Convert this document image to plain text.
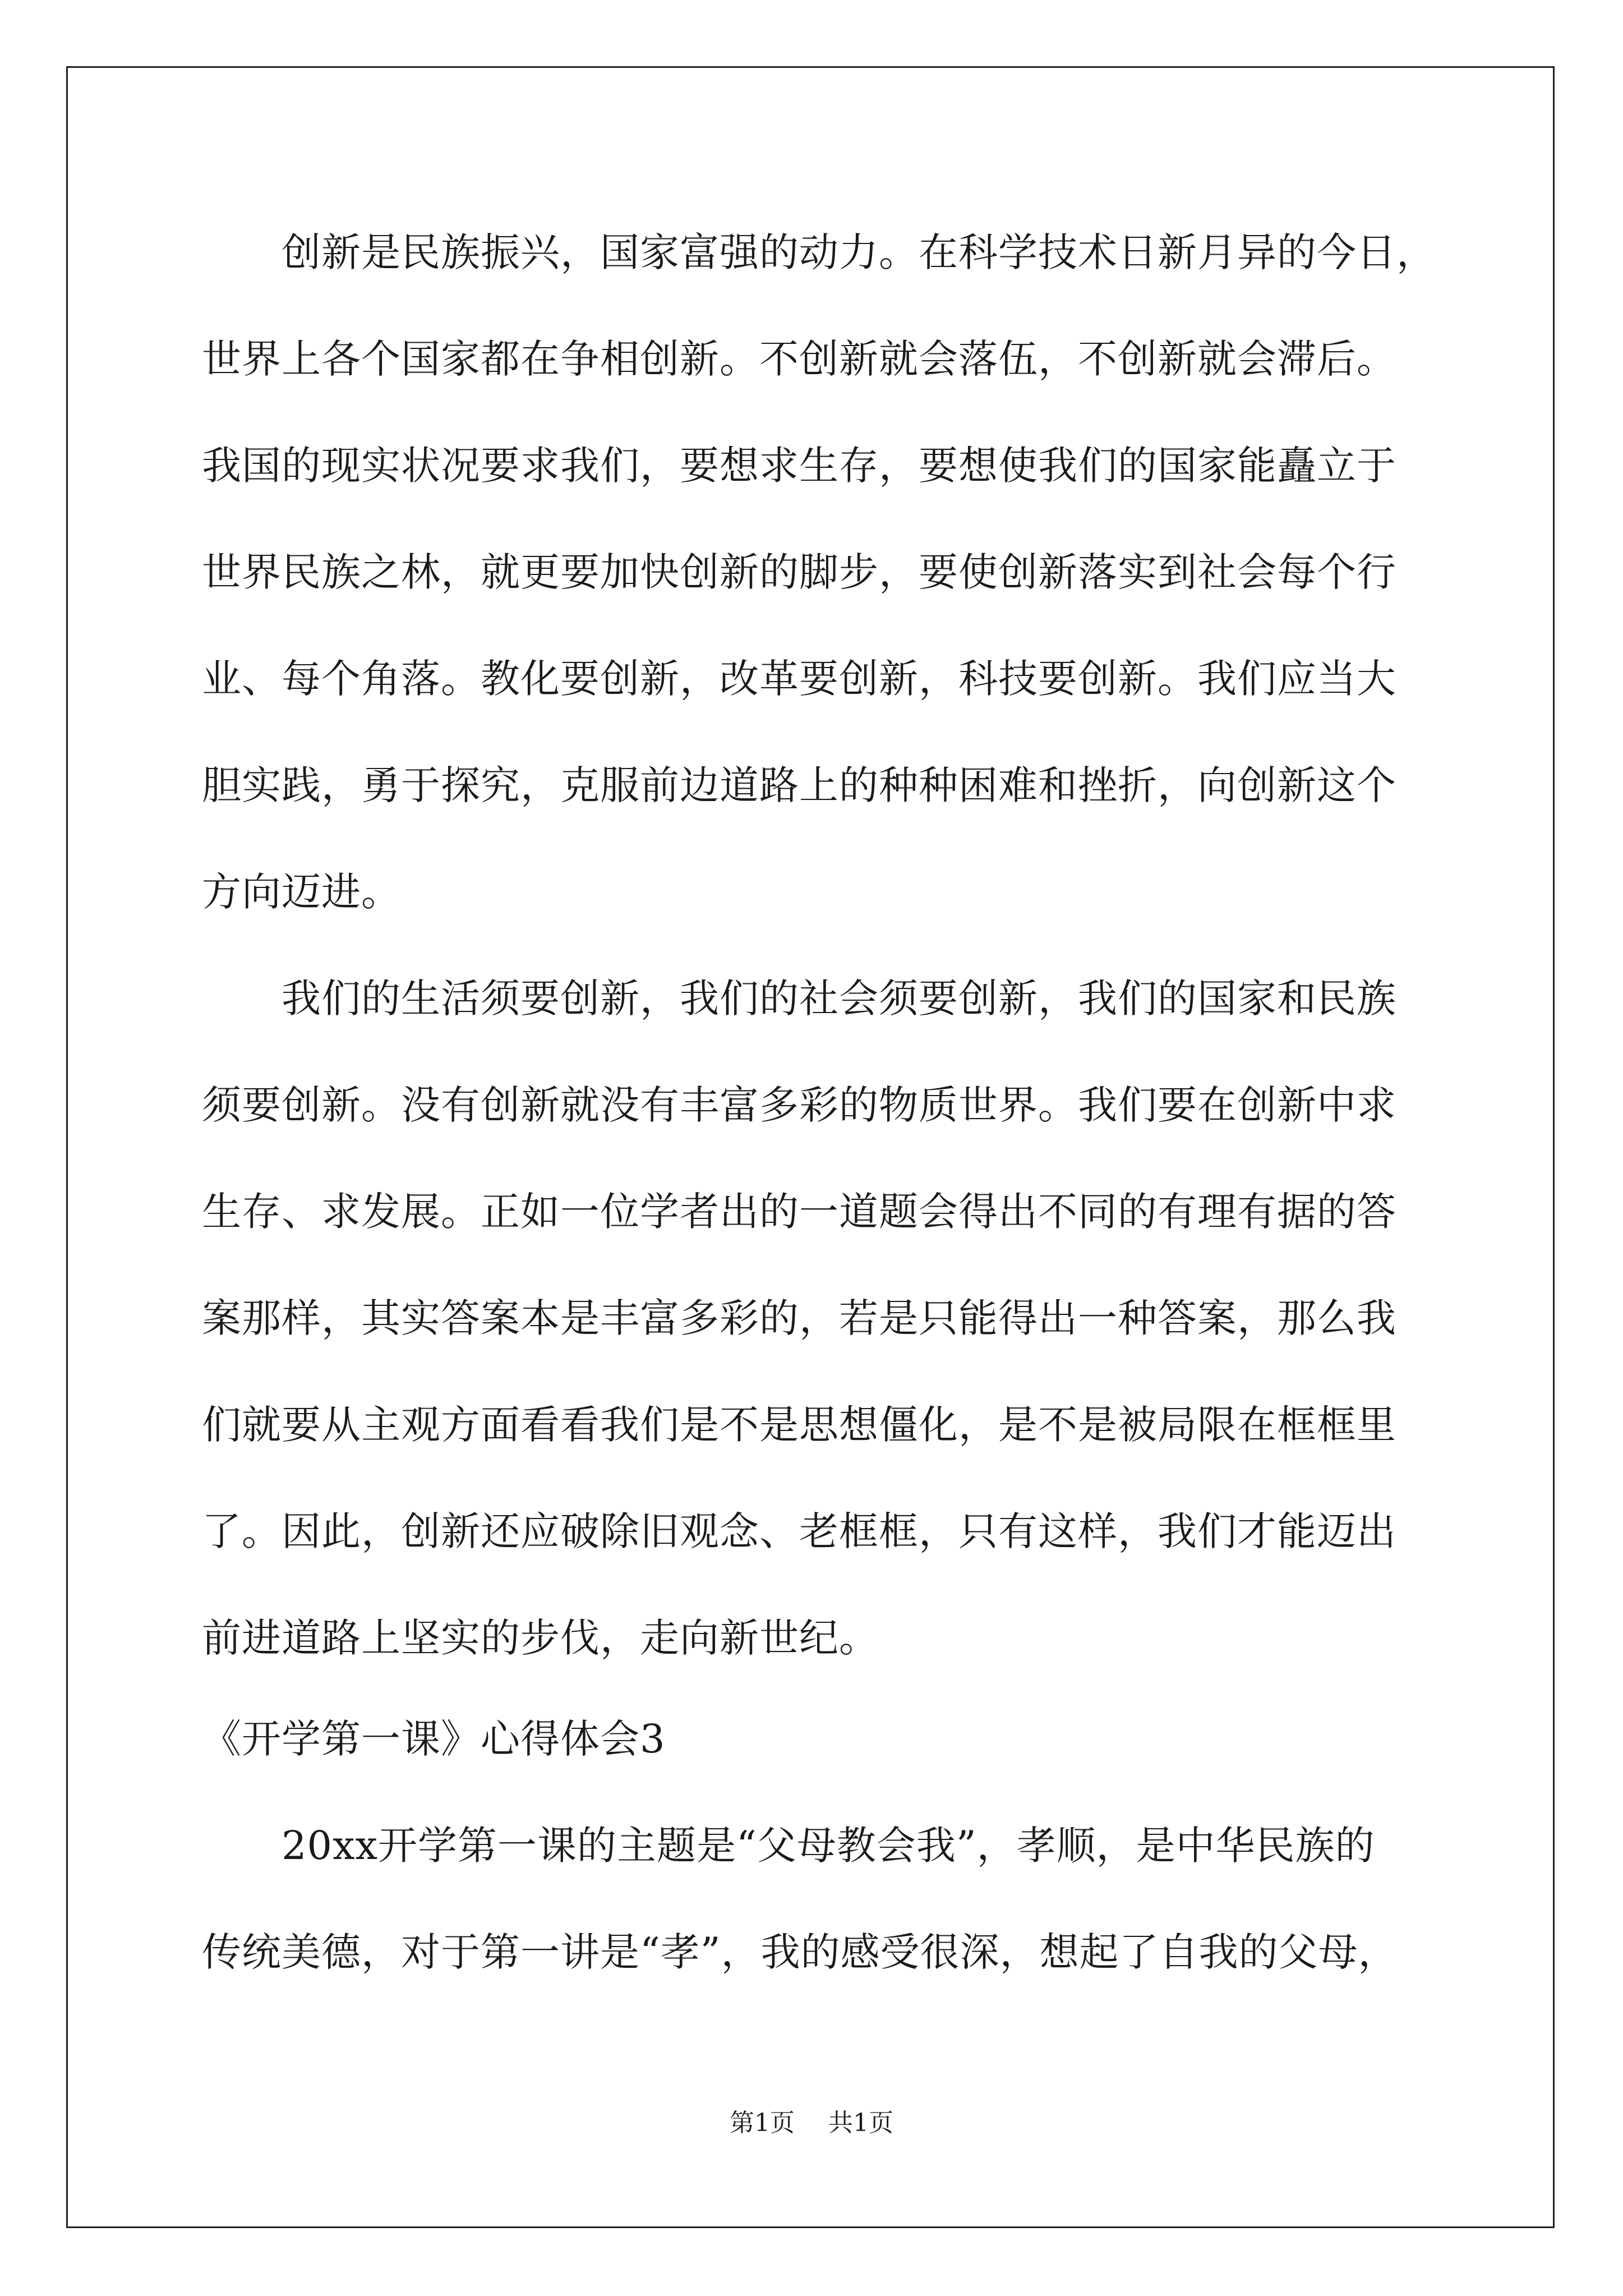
　　创新是民族振兴，国家富强的动力。在科学技术日新月异的今日，
世界上各个国家都在争相创新。不创新就会落伍，不创新就会滞后。
我国的现实状况要求我们，要想求生存，要想使我们的国家能矗立于
世界民族之林，就更要加快创新的脚步，要使创新落实到社会每个行
业、每个角落。教化要创新，改革要创新，科技要创新。我们应当大
胆实践，勇于探究，克服前边道路上的种种困难和挫折，向创新这个
方向迈进。
　　我们的生活须要创新，我们的社会须要创新，我们的国家和民族
须要创新。没有创新就没有丰富多彩的物质世界。我们要在创新中求
生存、求发展。正如一位学者出的一道题会得出不同的有理有据的答
案那样，其实答案本是丰富多彩的，若是只能得出一种答案，那么我
们就要从主观方面看看我们是不是思想僵化，是不是被局限在框框里
了。因此，创新还应破除旧观念、老框框，只有这样，我们才能迈出
前进道路上坚实的步伐，走向新世纪。
《开学第一课》心得体会3
　　20xx开学第一课的主题是“父母教会我”，孝顺，是中华民族的
传统美德，对于第一讲是“孝”，我的感受很深，想起了自我的父母，
第1页 共1页
